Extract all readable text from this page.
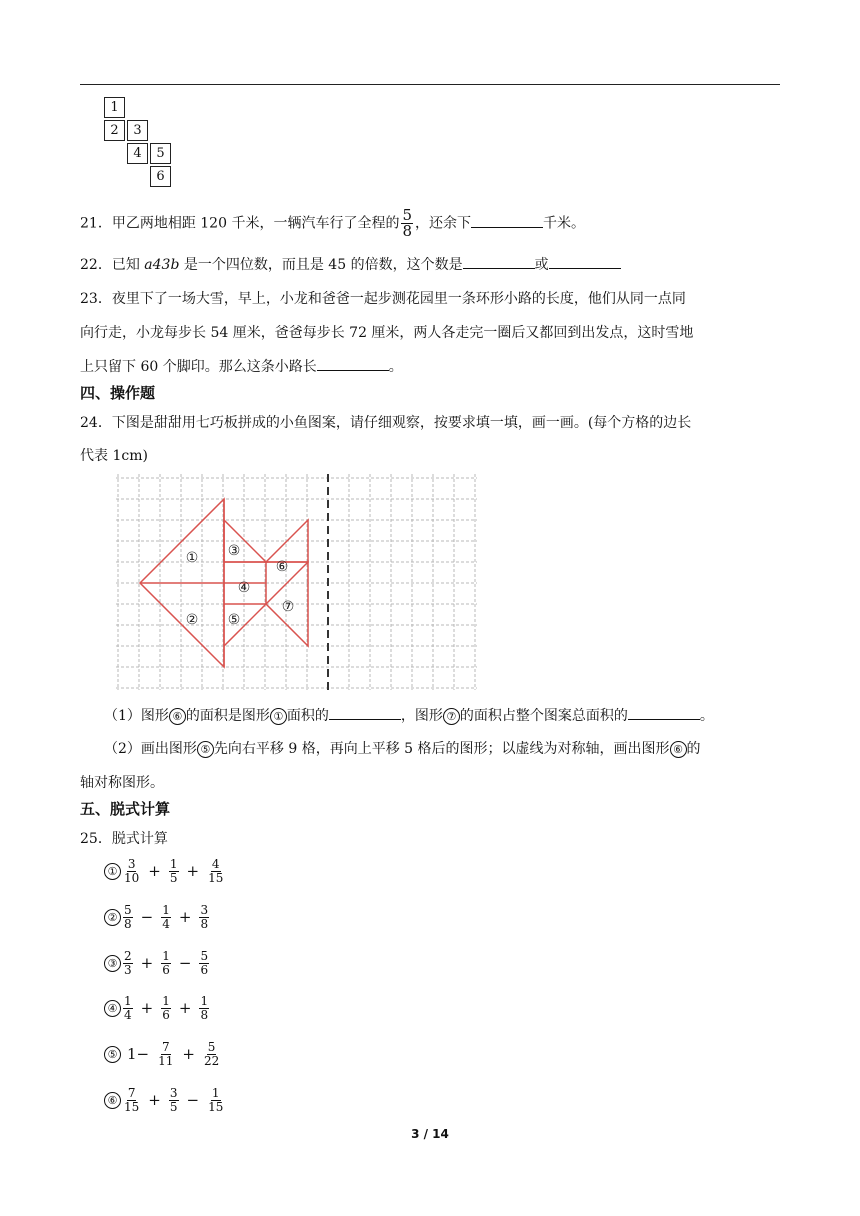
1
2	3
4	5
6
21．甲乙两地相距 120 千米，一辆汽车行了全程的 $\frac{5}{8}$ ，还余下	千米。
22．已知 a43b 是一个四位数，而且是 45 的倍数，这个数是	或
23．夜里下了一场大雪，早上，小龙和爸爸一起步测花园里一条环形小路的长度，他们从同一点同
向行走，小龙每步长 54 厘米，爸爸每步长 72 厘米，两人各走完一圈后又都回到出发点，这时雪地
上只留下 60 个脚印。那么这条小路长	。
四、操作题
24．下图是甜甜用七巧板拼成的小鱼图案，请仔细观察，按要求填一填，画一画。(每个方格的边长
代表 1cm)
①
②
③
④
⑤
⑥
⑦
（1）图形 ⑥ 的面积是图形 ① 面积的	，图形 ⑦ 的面积占整个图案总面积的	。
（2）画出图形 ⑤ 先向右平移 9 格，再向上平移 5 格后的图形；以虚线为对称轴，画出图形 ⑥ 的
轴对称图形。
五、脱式计算
25．脱式计算
① $\frac{3}{10} + \frac{1}{5} + \frac{4}{15}$
② $\frac{5}{8} - \frac{1}{4} + \frac{3}{8}$
③ $\frac{2}{3} + \frac{1}{6} - \frac{5}{6}$
④ $\frac{1}{4} + \frac{1}{6} + \frac{1}{8}$
⑤ $1- \frac{7}{11} + \frac{5}{22}$
⑥ $\frac{7}{15} + \frac{3}{5} - \frac{1}{15}$
3 / 14
